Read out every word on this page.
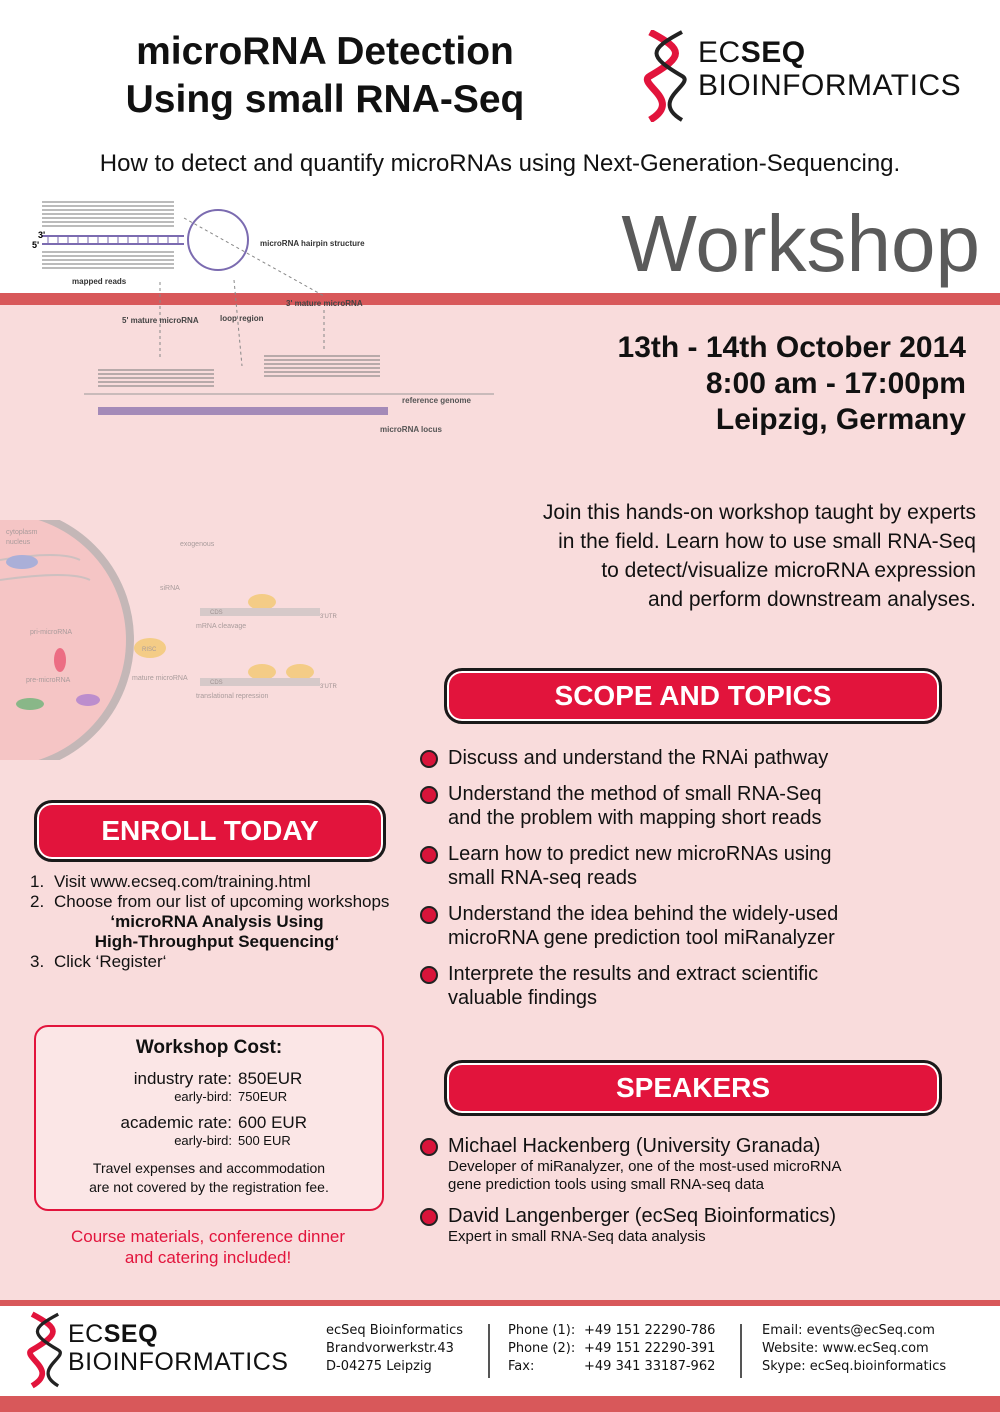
microRNA Detection
Using small RNA-Seq
ECSEQ
BIOINFORMATICS
How to detect and quantify microRNAs using Next-Generation-Sequencing.
Workshop
3'
5'	microRNA hairpin structure
mapped reads
3' mature microRNA
5' mature microRNA	loop region
reference genome
microRNA locus
cytoplasm
nucleus	exogenous
siRNA
pri-microRNA
pre-microRNA
RISC
mature microRNA
CDS
CDS
3'UTR
3'UTR
mRNA cleavage
translational repression
13th - 14th October 2014
8:00 am - 17:00pm
Leipzig, Germany
Join this hands-on workshop taught by experts
in the field. Learn how to use small RNA-Seq
to detect/visualize microRNA expression
and perform downstream analyses.
SCOPE AND TOPICS
Discuss and understand the RNAi pathway
Understand the method of small RNA-Seq
and the problem with mapping short reads
Learn how to predict new microRNAs using
small RNA-seq reads
Understand the idea behind the widely-used
microRNA gene prediction tool miRanalyzer
Interprete the results and extract scientific
valuable findings
ENROLL TODAY
1. Visit www.ecseq.com/training.html
2. Choose from our list of upcoming workshops
‘microRNA Analysis Using
High-Throughput Sequencing‘
3. Click ‘Register‘
Workshop Cost:
industry rate: 850EUR
early-bird: 750EUR
academic rate: 600 EUR
early-bird: 500 EUR
Travel expenses and accommodation
are not covered by the registration fee.
Course materials, conference dinner
and catering included!
SPEAKERS
Michael Hackenberg (University Granada)
Developer of miRanalyzer, one of the most-used microRNA
gene prediction tools using small RNA-seq data
David Langenberger (ecSeq Bioinformatics)
Expert in small RNA-Seq data analysis
ECSEQ
BIOINFORMATICS
ecSeq Bioinformatics
Brandvorwerkstr.43
D-04275 Leipzig
Phone (1): +49 151 22290-786
Phone (2): +49 151 22290-391
Fax:	+49 341 33187-962
Email: events@ecSeq.com
Website: www.ecSeq.com
Skype: ecSeq.bioinformatics
